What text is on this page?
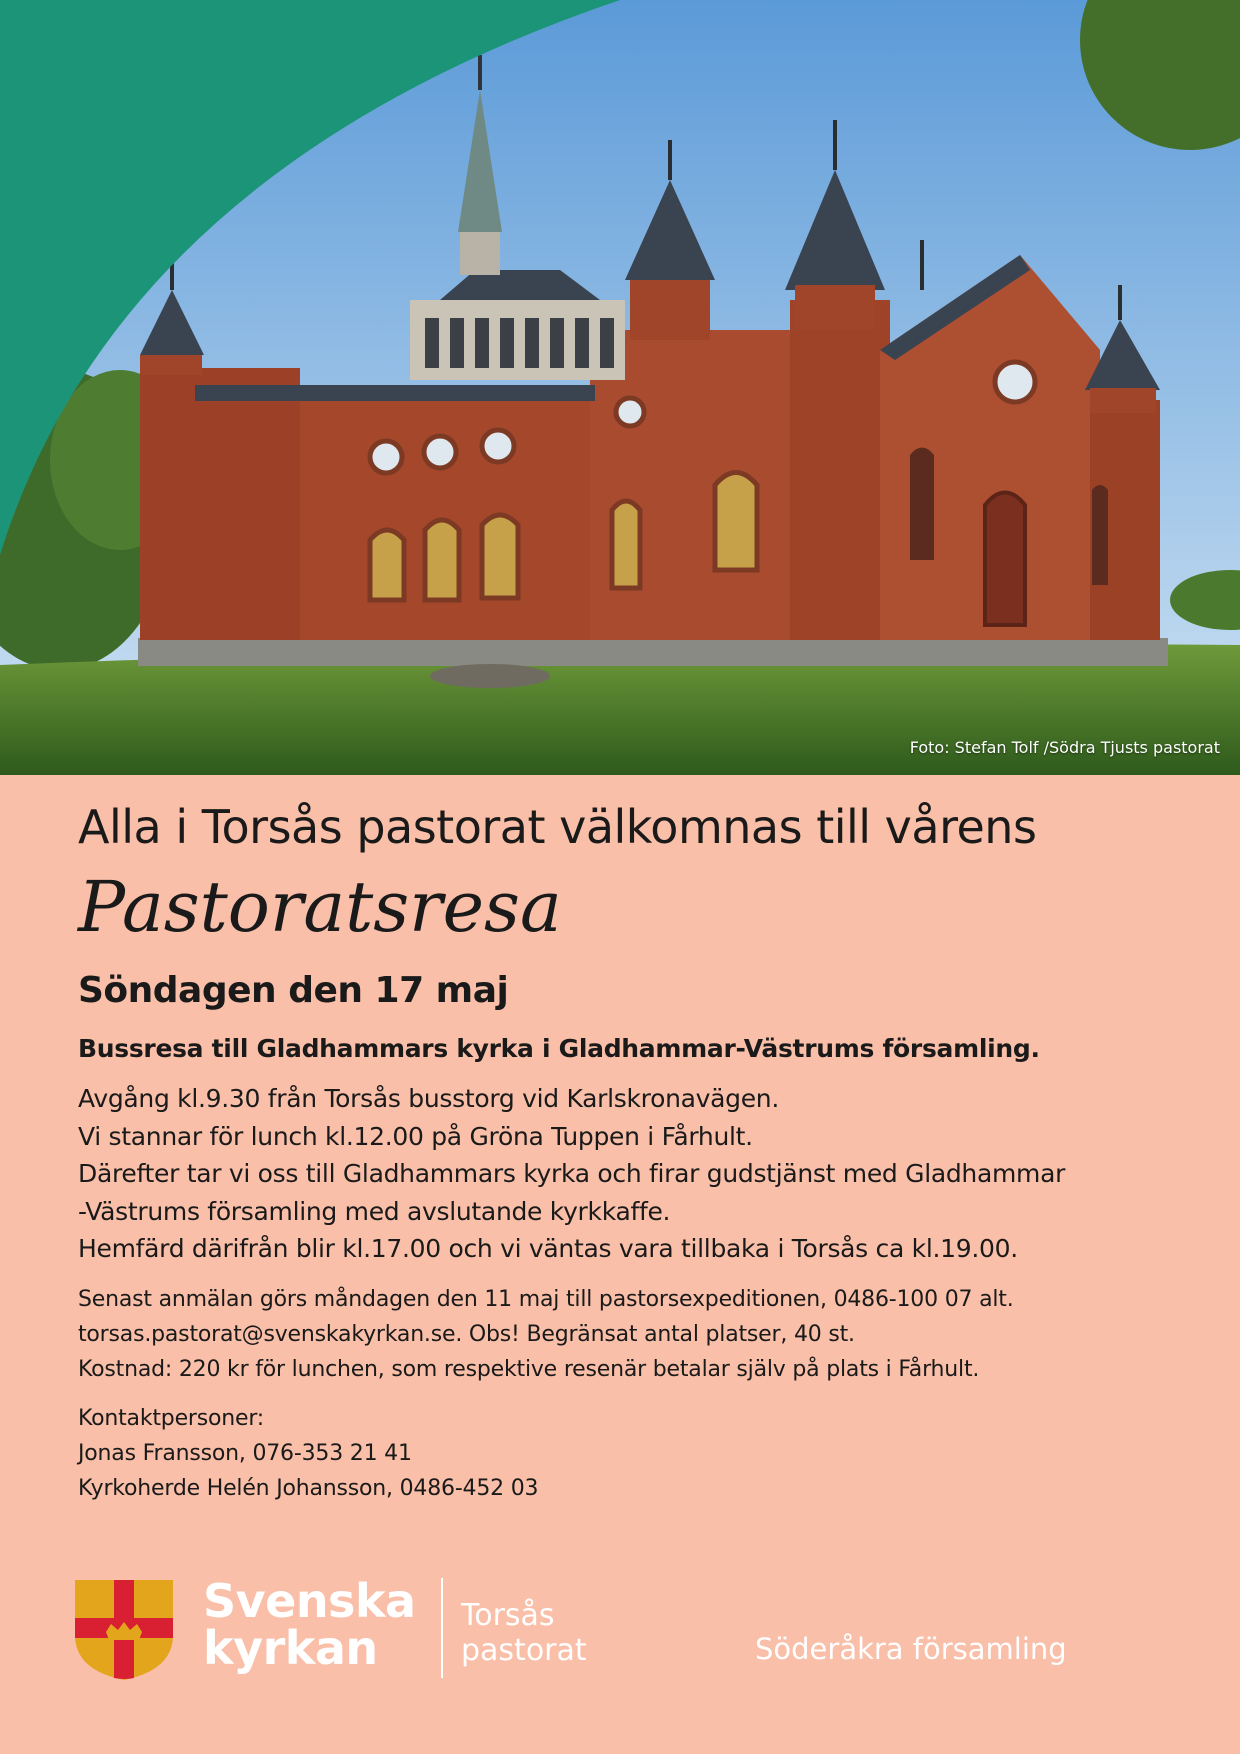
Foto: Stefan Tolf /Södra Tjusts pastorat
Alla i Torsås pastorat välkomnas till vårens
Pastoratsresa
Söndagen den 17 maj

Bussresa till Gladhammars kyrka i Gladhammar-Västrums församling.

Avgång kl.9.30 från Torsås busstorg vid Karlskronavägen.
Vi stannar för lunch kl.12.00 på Gröna Tuppen i Fårhult.
Därefter tar vi oss till Gladhammars kyrka och firar gudstjänst med Gladhammar
-Västrums församling med avslutande kyrkkaffe.
Hemfärd därifrån blir kl.17.00 och vi väntas vara tillbaka i Torsås ca kl.19.00.
Senast anmälan görs måndagen den 11 maj till pastorsexpeditionen, 0486-100 07 alt.
torsas.pastorat@svenskakyrkan.se. Obs! Begränsat antal platser, 40 st.
Kostnad: 220 kr för lunchen, som respektive resenär betalar själv på plats i Fårhult.
Kontaktpersoner:
Jonas Fransson, 076-353 21 41
Kyrkoherde Helén Johansson, 0486-452 03
Svenska
kyrkan
Torsås
pastorat	Söderåkra församling
